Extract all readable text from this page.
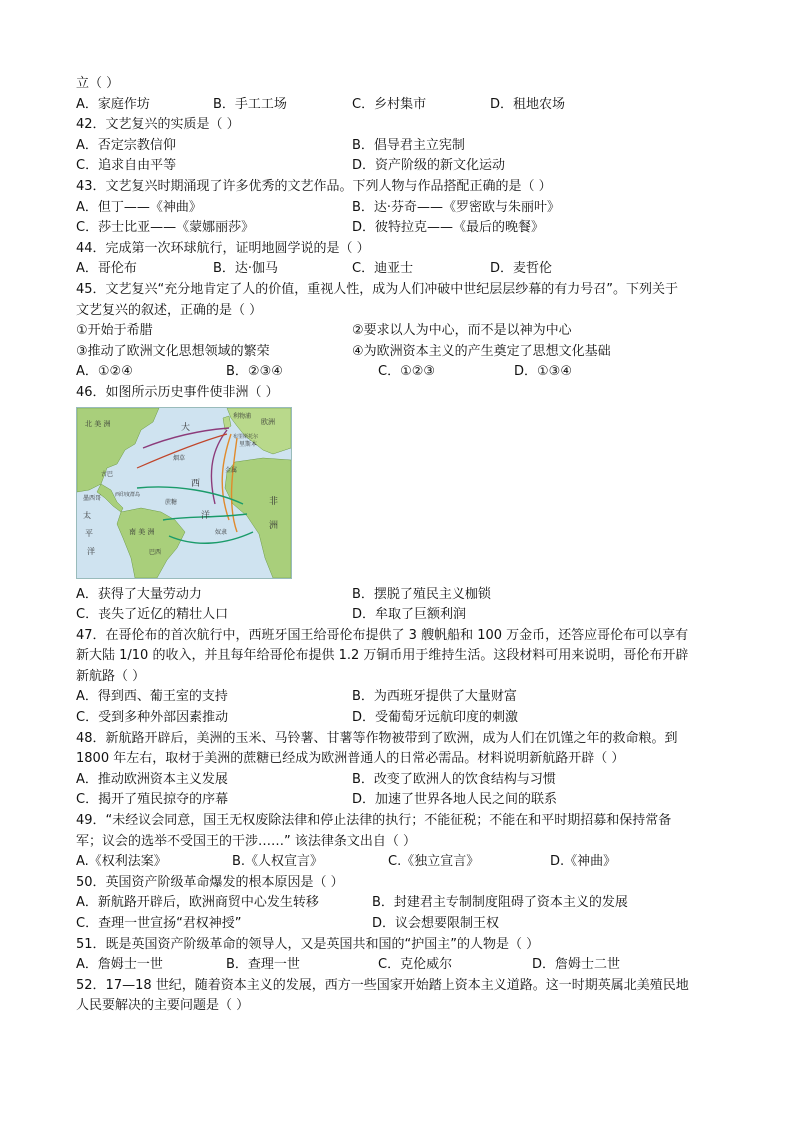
立（ ）
A．家庭作坊	B．手工工场	C．乡村集市	D．租地农场
42．文艺复兴的实质是（ ）
A．否定宗教信仰	B．倡导君主立宪制
C．追求自由平等	D．资产阶级的新文化运动
43．文艺复兴时期涌现了许多优秀的文艺作品。下列人物与作品搭配正确的是（ ）
A．但丁——《神曲》	B．达·芬奇——《罗密欧与朱丽叶》
C．莎士比亚——《蒙娜丽莎》	D．彼特拉克——《最后的晚餐》
44．完成第一次环球航行，证明地圆学说的是（ ）
A．哥伦布	B．达·伽马	C．迪亚士	D．麦哲伦
45．文艺复兴“充分地肯定了人的价值，重视人性，成为人们冲破中世纪层层纱幕的有力号召”。下列关于
文艺复兴的叙述，正确的是（ ）
①开始于希腊	②要求以人为中心，而不是以神为中心
③推动了欧洲文化思想领域的繁荣	④为欧洲资本主义的产生奠定了思想文化基础
A．①②④	B．②③④	C．①②③	D．①③④
46．如图所示历史事件使非洲（ ）
北 美 洲	大
西
洋
太
平
洋
南 美 洲
非
洲
欧洲
利物浦
里斯本
布里斯托尔
奴隶
金属
蔗糖
烟草
墨西哥
古巴
西印度群岛
巴西
A．获得了大量劳动力	B．摆脱了殖民主义枷锁
C．丧失了近亿的精壮人口	D．牟取了巨额利润
47．在哥伦布的首次航行中，西班牙国王给哥伦布提供了 3 艘帆船和 100 万金币，还答应哥伦布可以享有
新大陆 1/10 的收入，并且每年给哥伦布提供 1.2 万铜币用于维持生活。这段材料可用来说明，哥伦布开辟
新航路（ ）
A．得到西、葡王室的支持	B．为西班牙提供了大量财富
C．受到多种外部因素推动	D．受葡萄牙远航印度的刺激
48．新航路开辟后，美洲的玉米、马铃薯、甘薯等作物被带到了欧洲，成为人们在饥馑之年的救命粮。到
1800 年左右，取材于美洲的蔗糖已经成为欧洲普通人的日常必需品。材料说明新航路开辟（ ）
A．推动欧洲资本主义发展	B．改变了欧洲人的饮食结构与习惯
C．揭开了殖民掠夺的序幕	D．加速了世界各地人民之间的联系
49．“未经议会同意，国王无权废除法律和停止法律的执行；不能征税；不能在和平时期招募和保持常备
军；议会的选举不受国王的干涉……” 该法律条文出自（ ）
A.《权利法案》	B.《人权宣言》	C.《独立宣言》	D.《神曲》
50．英国资产阶级革命爆发的根本原因是（ ）
A．新航路开辟后，欧洲商贸中心发生转移	B．封建君主专制制度阻碍了资本主义的发展
C．查理一世宣扬“君权神授”	D．议会想要限制王权
51．既是英国资产阶级革命的领导人，又是英国共和国的“护国主”的人物是（ ）
A．詹姆士一世	B．查理一世	C．克伦威尔	D．詹姆士二世
52．17—18 世纪，随着资本主义的发展，西方一些国家开始踏上资本主义道路。这一时期英属北美殖民地
人民要解决的主要问题是（ ）
